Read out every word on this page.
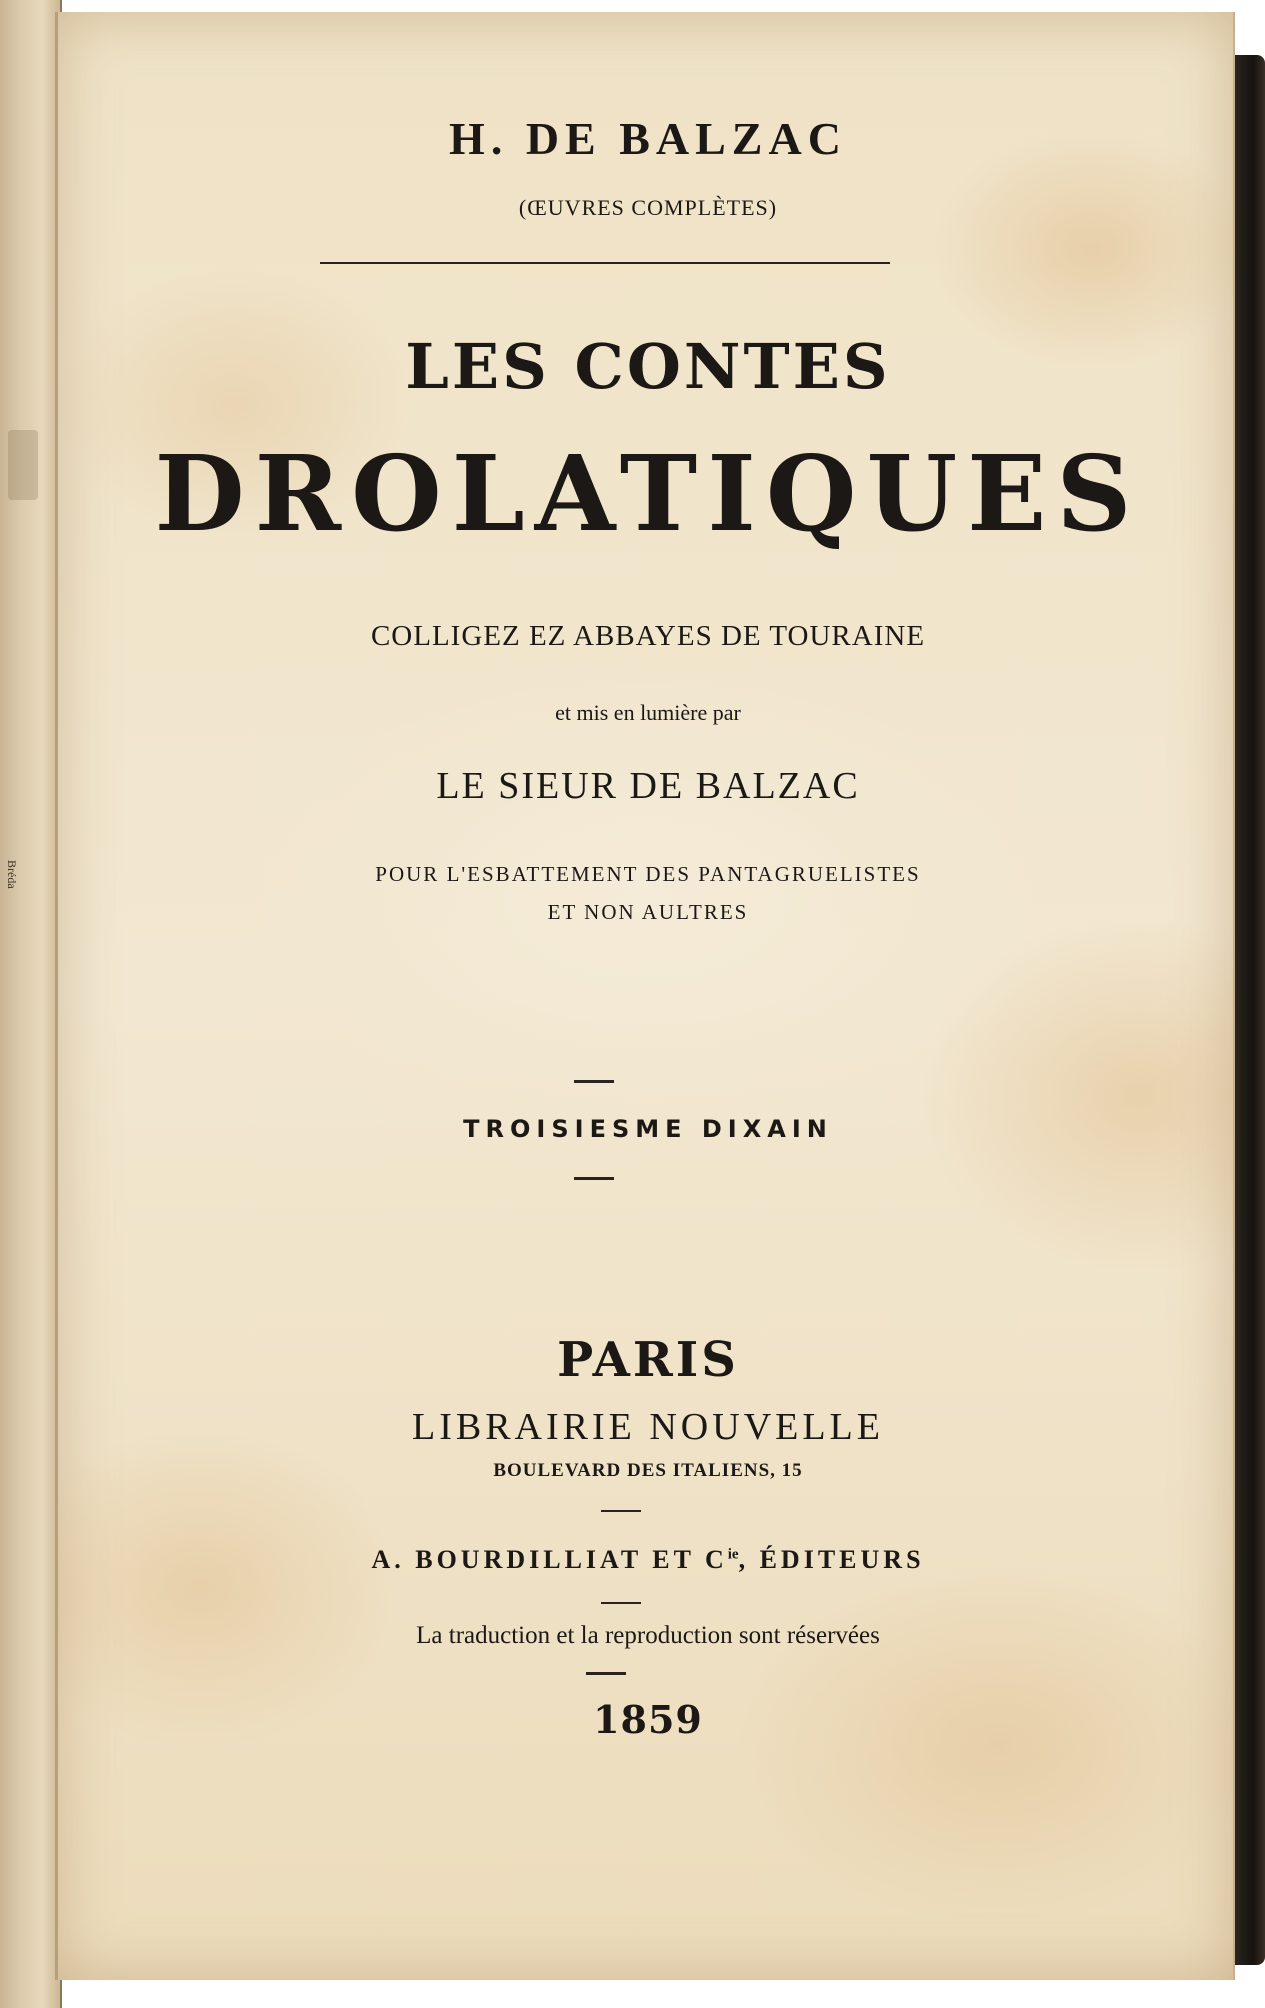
Bréda
H. DE BALZAC
(ŒUVRES COMPLÈTES)
LES CONTES
DROLATIQUES
COLLIGEZ EZ ABBAYES DE TOURAINE
et mis en lumière par
LE SIEUR DE BALZAC
POUR L'ESBATTEMENT DES PANTAGRUELISTES
ET NON AULTRES
TROISIESME DIXAIN
PARIS
LIBRAIRIE NOUVELLE
BOULEVARD DES ITALIENS, 15
A. BOURDILLIAT ET $C^{ie}$, ÉDITEURS
La traduction et la reproduction sont réservées
1859
